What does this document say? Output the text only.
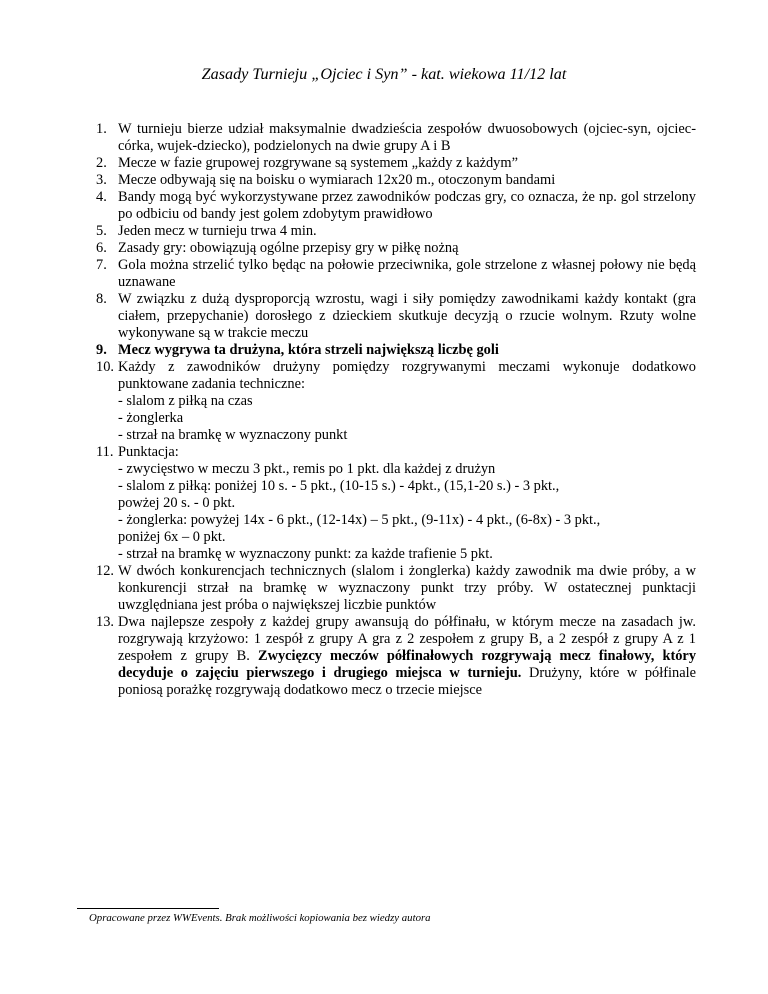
Zasady Turnieju „Ojciec i Syn” - kat. wiekowa 11/12 lat
1. W turnieju bierze udział maksymalnie dwadzieścia zespołów dwuosobowych (ojciec-syn, ojciec-córka, wujek-dziecko), podzielonych na dwie grupy A i B
2. Mecze w fazie grupowej rozgrywane są systemem „każdy z każdym”
3. Mecze odbywają się na boisku o wymiarach 12x20 m., otoczonym bandami
4. Bandy mogą być wykorzystywane przez zawodników podczas gry, co oznacza, że np. gol strzelony po odbiciu od bandy jest golem zdobytym prawidłowo
5. Jeden mecz w turnieju trwa 4 min.
6. Zasady gry: obowiązują ogólne przepisy gry w piłkę nożną
7. Gola można strzelić tylko będąc na połowie przeciwnika, gole strzelone z własnej połowy nie będą uznawane
8. W związku z dużą dysproporcją wzrostu, wagi i siły pomiędzy zawodnikami każdy kontakt (gra ciałem, przepychanie) dorosłego z dzieckiem skutkuje decyzją o rzucie wolnym. Rzuty wolne wykonywane są w trakcie meczu
9. Mecz wygrywa ta drużyna, która strzeli największą liczbę goli
10. Każdy z zawodników drużyny pomiędzy rozgrywanymi meczami wykonuje dodatkowo punktowane zadania techniczne:
- slalom z piłką na czas
- żonglerka
- strzał na bramkę w wyznaczony punkt
11. Punktacja:
- zwycięstwo w meczu 3 pkt., remis po 1 pkt. dla każdej z drużyn
- slalom z piłką: poniżej 10 s. - 5 pkt., (10-15 s.) - 4pkt., (15,1-20 s.) - 3 pkt.,
powżej 20 s. - 0 pkt.
- żonglerka: powyżej 14x - 6 pkt., (12-14x) – 5 pkt., (9-11x) - 4 pkt., (6-8x) - 3 pkt.,
poniżej 6x – 0 pkt.
- strzał na bramkę w wyznaczony punkt: za każde trafienie 5 pkt.
12. W dwóch konkurencjach technicznych (slalom i żonglerka) każdy zawodnik ma dwie próby, a w konkurencji strzał na bramkę w wyznaczony punkt trzy próby. W ostatecznej punktacji uwzględniana jest próba o największej liczbie punktów
13. Dwa najlepsze zespoły z każdej grupy awansują do półfinału, w którym mecze na zasadach jw. rozgrywają krzyżowo: 1 zespół z grupy A gra z 2 zespołem z grupy B, a 2 zespół z grupy A z 1 zespołem z grupy B. Zwycięzcy meczów półfinałowych rozgrywają mecz finałowy, który decyduje o zajęciu pierwszego i drugiego miejsca w turnieju. Drużyny, które w półfinale poniosą porażkę rozgrywają dodatkowo mecz o trzecie miejsce
Opracowane przez WWEvents. Brak możliwości kopiowania bez wiedzy autora
